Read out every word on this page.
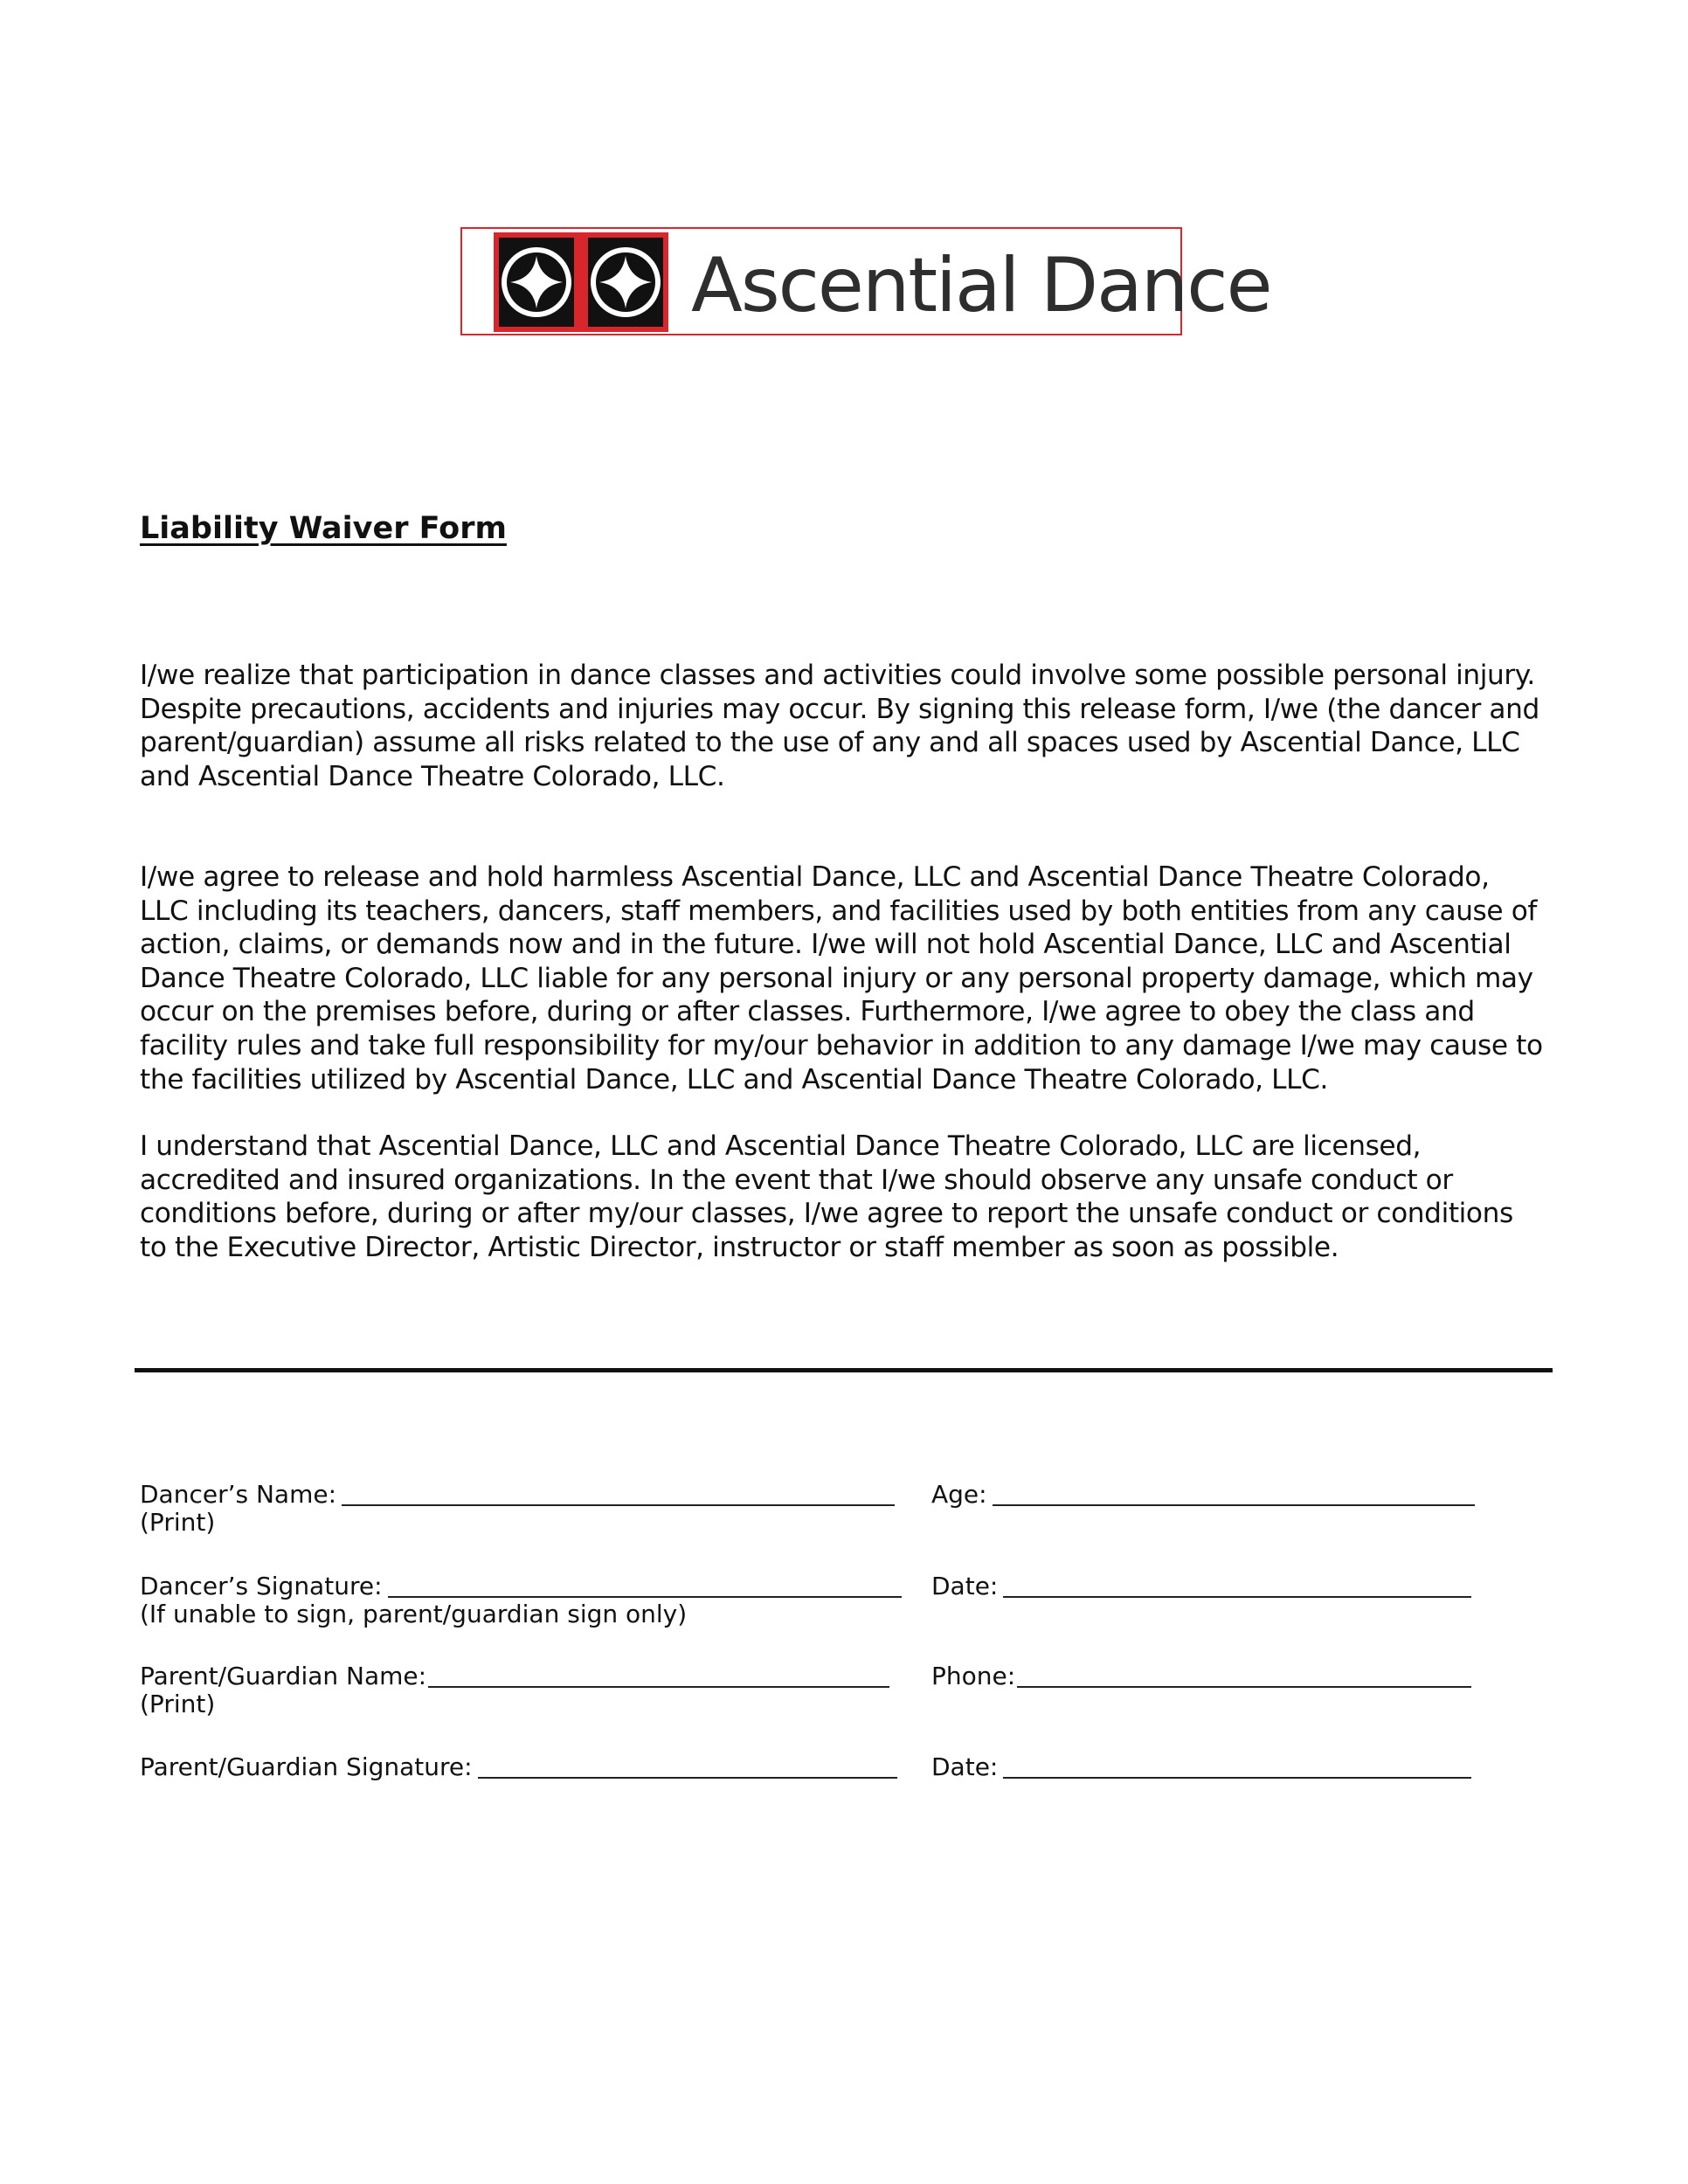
Ascential Dance
Liability Waiver Form

I/we realize that participation in dance classes and activities could involve some possible personal injury.
Despite precautions, accidents and injuries may occur. By signing this release form, I/we (the dancer and
parent/guardian) assume all risks related to the use of any and all spaces used by Ascential Dance, LLC
and Ascential Dance Theatre Colorado, LLC.

I/we agree to release and hold harmless Ascential Dance, LLC and Ascential Dance Theatre Colorado,
LLC including its teachers, dancers, staff members, and facilities used by both entities from any cause of
action, claims, or demands now and in the future. I/we will not hold Ascential Dance, LLC and Ascential
Dance Theatre Colorado, LLC liable for any personal injury or any personal property damage, which may
occur on the premises before, during or after classes. Furthermore, I/we agree to obey the class and
facility rules and take full responsibility for my/our behavior in addition to any damage I/we may cause to
the facilities utilized by Ascential Dance, LLC and Ascential Dance Theatre Colorado, LLC.

I understand that Ascential Dance, LLC and Ascential Dance Theatre Colorado, LLC are licensed,
accredited and insured organizations. In the event that I/we should observe any unsafe conduct or
conditions before, during or after my/our classes, I/we agree to report the unsafe conduct or conditions
to the Executive Director, Artistic Director, instructor or staff member as soon as possible.

Dancer’s Name:
(Print)
Age:
Dancer’s Signature:
(If unable to sign, parent/guardian sign only)
Date:
Parent/Guardian Name:
(Print)
Phone:
Parent/Guardian Signature:	Date:
